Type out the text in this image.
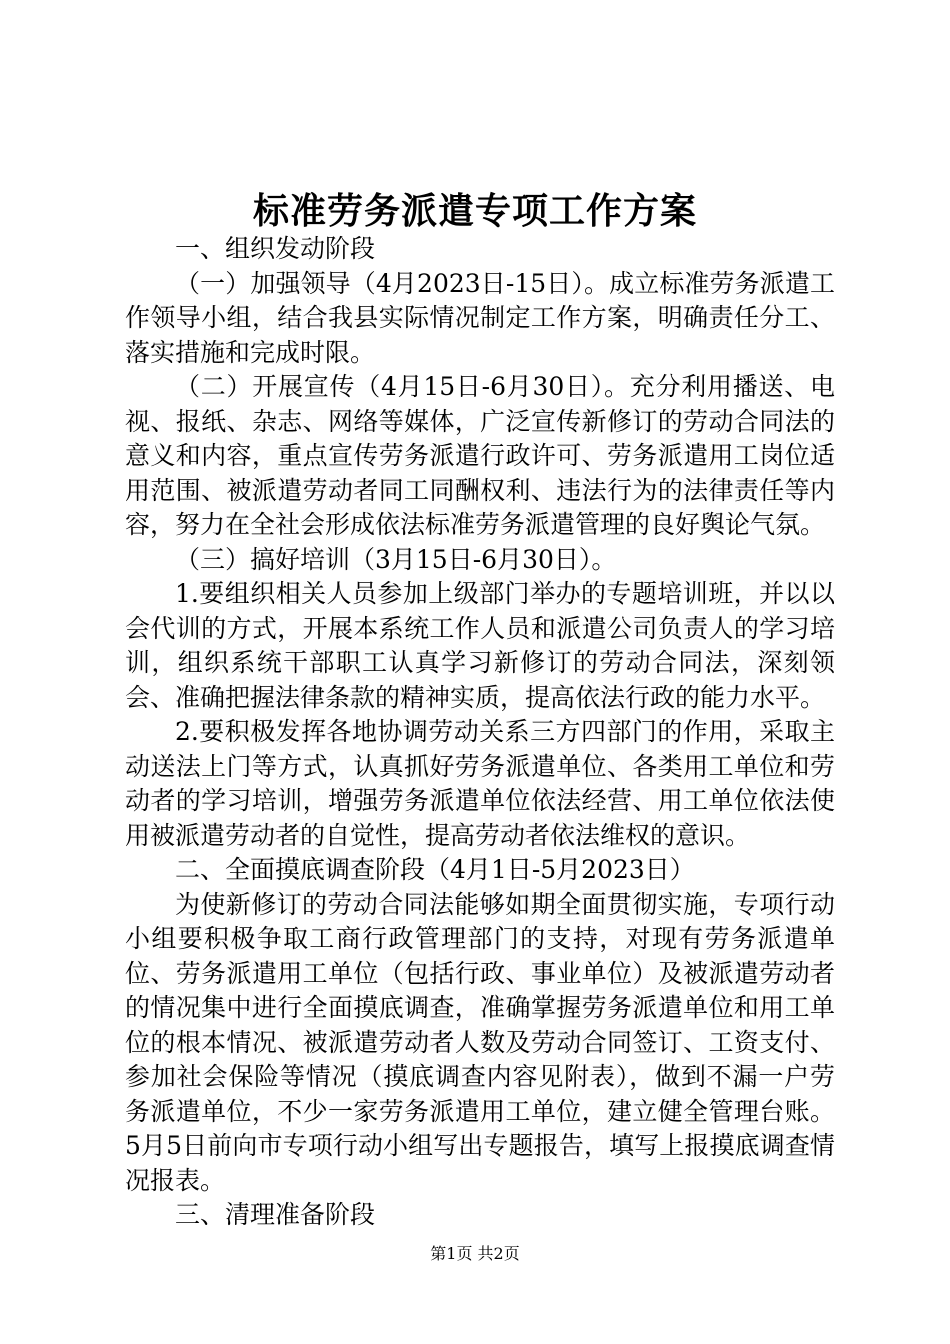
标准劳务派遣专项工作方案

一、组织发动阶段

（一）加强领导（4月2023日-15日）。成立标准劳务派遣工作领导小组，结合我县实际情况制定工作方案，明确责任分工、落实措施和完成时限。

（二）开展宣传（4月15日-6月30日）。充分利用播送、电视、报纸、杂志、网络等媒体，广泛宣传新修订的劳动合同法的意义和内容，重点宣传劳务派遣行政许可、劳务派遣用工岗位适用范围、被派遣劳动者同工同酬权利、违法行为的法律责任等内容，努力在全社会形成依法标准劳务派遣管理的良好舆论气氛。

（三）搞好培训（3月15日-6月30日）。

1.要组织相关人员参加上级部门举办的专题培训班，并以以会代训的方式，开展本系统工作人员和派遣公司负责人的学习培训，组织系统干部职工认真学习新修订的劳动合同法，深刻领会、准确把握法律条款的精神实质，提高依法行政的能力水平。

2.要积极发挥各地协调劳动关系三方四部门的作用，采取主动送法上门等方式，认真抓好劳务派遣单位、各类用工单位和劳动者的学习培训，增强劳务派遣单位依法经营、用工单位依法使用被派遣劳动者的自觉性，提高劳动者依法维权的意识。

二、全面摸底调查阶段（4月1日-5月2023日）

为使新修订的劳动合同法能够如期全面贯彻实施，专项行动小组要积极争取工商行政管理部门的支持，对现有劳务派遣单位、劳务派遣用工单位（包括行政、事业单位）及被派遣劳动者的情况集中进行全面摸底调查，准确掌握劳务派遣单位和用工单位的根本情况、被派遣劳动者人数及劳动合同签订、工资支付、参加社会保险等情况（摸底调查内容见附表），做到不漏一户劳务派遣单位，不少一家劳务派遣用工单位，建立健全管理台账。5月5日前向市专项行动小组写出专题报告，填写上报摸底调查情况报表。

三、清理准备阶段

第1页 共2页
